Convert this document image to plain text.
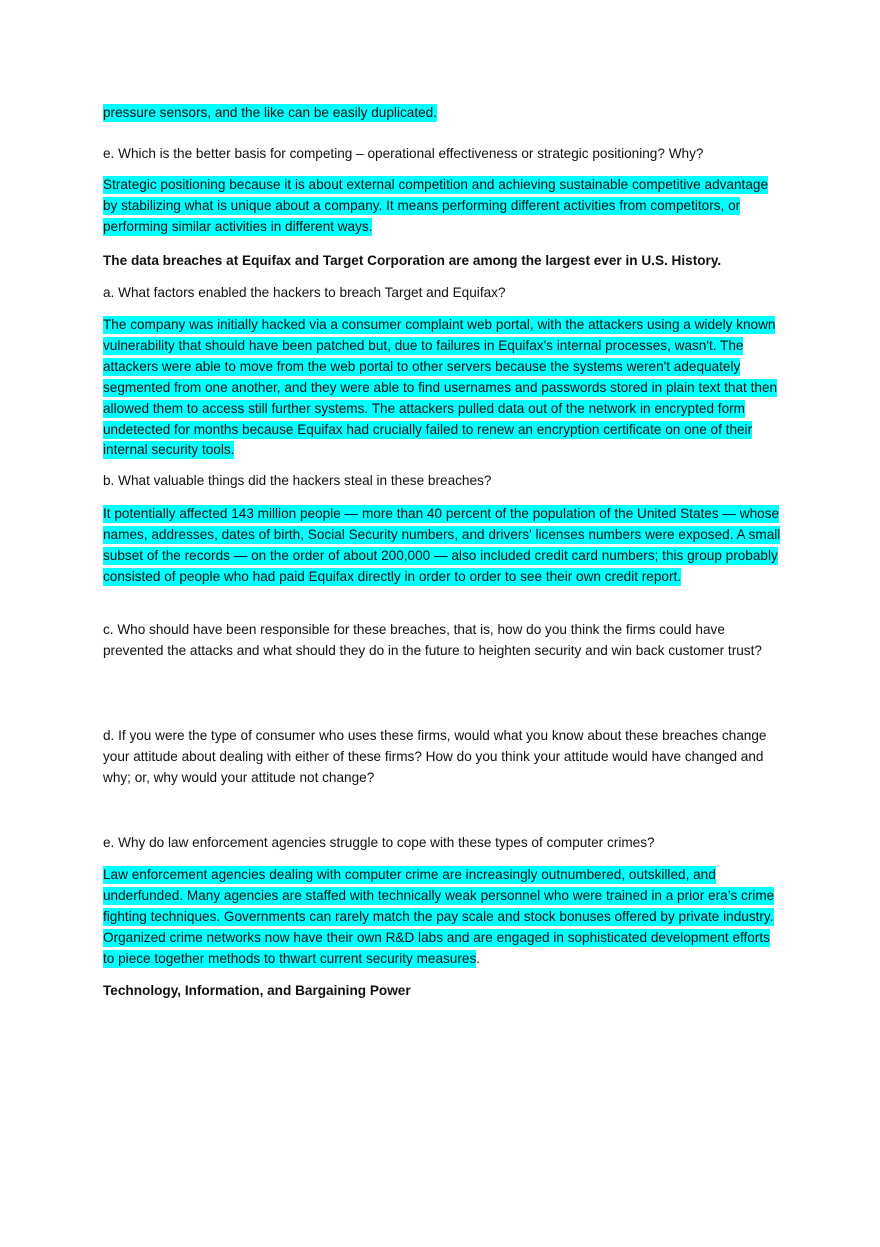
pressure sensors, and the like can be easily duplicated.

e. Which is the better basis for competing – operational effectiveness or strategic positioning? Why?

Strategic positioning because it is about external competition and achieving sustainable competitive advantage by stabilizing what is unique about a company. It means performing different activities from competitors, or performing similar activities in different ways.

The data breaches at Equifax and Target Corporation are among the largest ever in U.S. History.

a. What factors enabled the hackers to breach Target and Equifax?

The company was initially hacked via a consumer complaint web portal, with the attackers using a widely known vulnerability that should have been patched but, due to failures in Equifax's internal processes, wasn't. The attackers were able to move from the web portal to other servers because the systems weren't adequately segmented from one another, and they were able to find usernames and passwords stored in plain text that then allowed them to access still further systems. The attackers pulled data out of the network in encrypted form undetected for months because Equifax had crucially failed to renew an encryption certificate on one of their internal security tools.

b. What valuable things did the hackers steal in these breaches?

It potentially affected 143 million people — more than 40 percent of the population of the United States — whose names, addresses, dates of birth, Social Security numbers, and drivers' licenses numbers were exposed. A small subset of the records — on the order of about 200,000 — also included credit card numbers; this group probably consisted of people who had paid Equifax directly in order to order to see their own credit report.

c. Who should have been responsible for these breaches, that is, how do you think the firms could have prevented the attacks and what should they do in the future to heighten security and win back customer trust?

d. If you were the type of consumer who uses these firms, would what you know about these breaches change your attitude about dealing with either of these firms? How do you think your attitude would have changed and why; or, why would your attitude not change?

e. Why do law enforcement agencies struggle to cope with these types of computer crimes?

Law enforcement agencies dealing with computer crime are increasingly outnumbered, outskilled, and underfunded. Many agencies are staffed with technically weak personnel who were trained in a prior era’s crime fighting techniques. Governments can rarely match the pay scale and stock bonuses offered by private industry. Organized crime networks now have their own R&D labs and are engaged in sophisticated development efforts to piece together methods to thwart current security measures.

Technology, Information, and Bargaining Power
